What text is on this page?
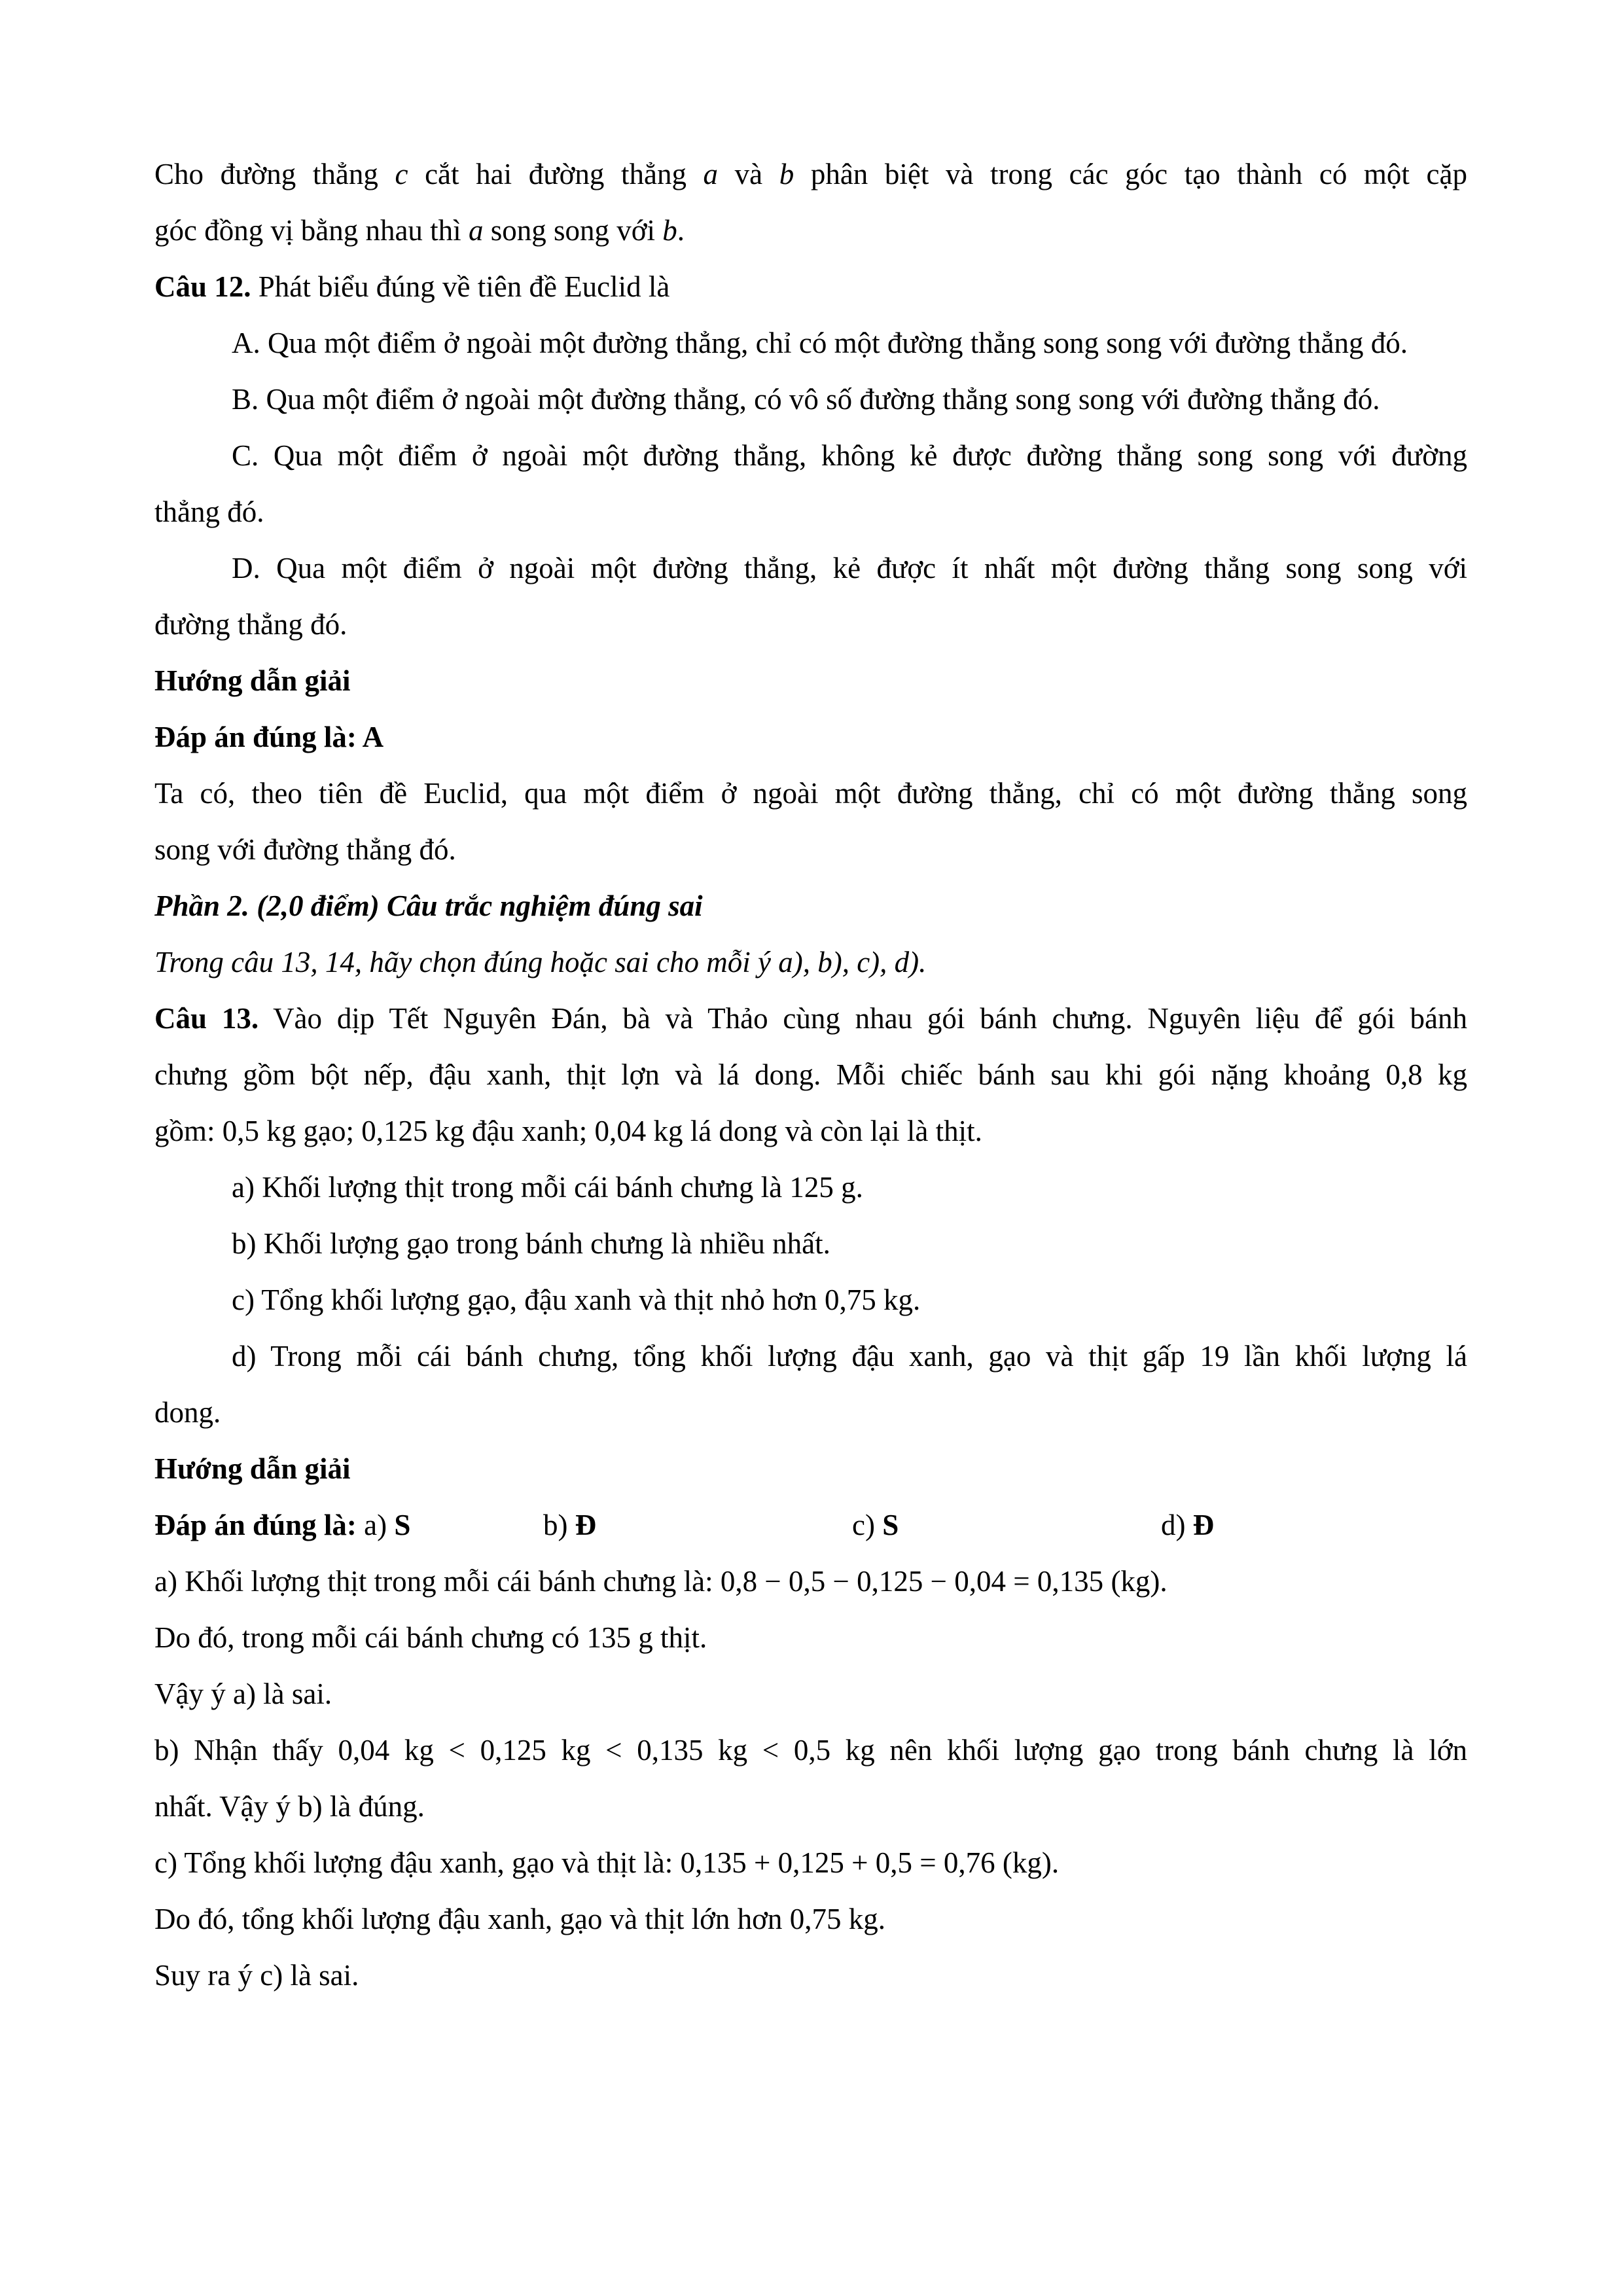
Cho đường thẳng c cắt hai đường thẳng a và b phân biệt và trong các góc tạo thành có một cặp
góc đồng vị bằng nhau thì a song song với b.
Câu 12. Phát biểu đúng về tiên đề Euclid là
A. Qua một điểm ở ngoài một đường thẳng, chỉ có một đường thẳng song song với đường thẳng đó.
B. Qua một điểm ở ngoài một đường thẳng, có vô số đường thẳng song song với đường thẳng đó.
C. Qua một điểm ở ngoài một đường thẳng, không kẻ được đường thẳng song song với đường
thẳng đó.
D. Qua một điểm ở ngoài một đường thẳng, kẻ được ít nhất một đường thẳng song song với
đường thẳng đó.
Hướng dẫn giải
Đáp án đúng là: A
Ta có, theo tiên đề Euclid, qua một điểm ở ngoài một đường thẳng, chỉ có một đường thẳng song
song với đường thẳng đó.
Phần 2. (2,0 điểm) Câu trắc nghiệm đúng sai
Trong câu 13, 14, hãy chọn đúng hoặc sai cho mỗi ý a), b), c), d).
Câu 13. Vào dịp Tết Nguyên Đán, bà và Thảo cùng nhau gói bánh chưng. Nguyên liệu để gói bánh
chưng gồm bột nếp, đậu xanh, thịt lợn và lá dong. Mỗi chiếc bánh sau khi gói nặng khoảng 0,8 kg
gồm: 0,5 kg gạo; 0,125 kg đậu xanh; 0,04 kg lá dong và còn lại là thịt.
a) Khối lượng thịt trong mỗi cái bánh chưng là 125 g.
b) Khối lượng gạo trong bánh chưng là nhiều nhất.
c) Tổng khối lượng gạo, đậu xanh và thịt nhỏ hơn 0,75 kg.
d) Trong mỗi cái bánh chưng, tổng khối lượng đậu xanh, gạo và thịt gấp 19 lần khối lượng lá
dong.
Hướng dẫn giải
Đáp án đúng là: a) S	b) Đ	c) S	d) Đ
a) Khối lượng thịt trong mỗi cái bánh chưng là: 0,8 − 0,5 − 0,125 − 0,04 = 0,135 (kg).
Do đó, trong mỗi cái bánh chưng có 135 g thịt.
Vậy ý a) là sai.
b) Nhận thấy 0,04 kg < 0,125 kg < 0,135 kg < 0,5 kg nên khối lượng gạo trong bánh chưng là lớn
nhất. Vậy ý b) là đúng.
c) Tổng khối lượng đậu xanh, gạo và thịt là: 0,135 + 0,125 + 0,5 = 0,76 (kg).
Do đó, tổng khối lượng đậu xanh, gạo và thịt lớn hơn 0,75 kg.
Suy ra ý c) là sai.
